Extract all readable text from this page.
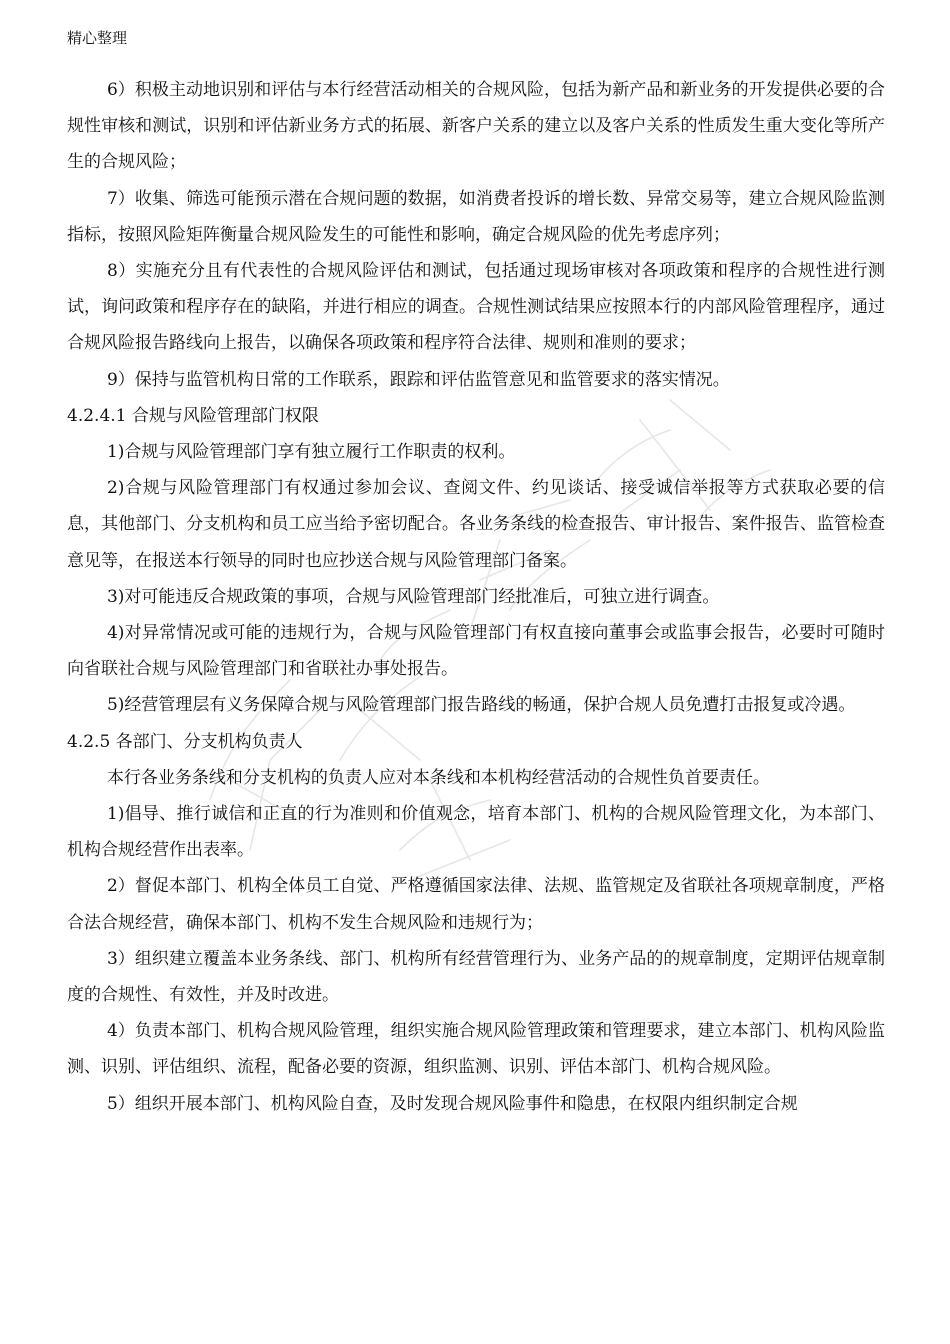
精心整理

6）积极主动地识别和评估与本行经营活动相关的合规风险，包括为新产品和新业务的开发提供必要的合规性审核和测试，识别和评估新业务方式的拓展、新客户关系的建立以及客户关系的性质发生重大变化等所产生的合规风险；

7）收集、筛选可能预示潜在合规问题的数据，如消费者投诉的增长数、异常交易等，建立合规风险监测指标，按照风险矩阵衡量合规风险发生的可能性和影响，确定合规风险的优先考虑序列；

8）实施充分且有代表性的合规风险评估和测试，包括通过现场审核对各项政策和程序的合规性进行测试，询问政策和程序存在的缺陷，并进行相应的调查。合规性测试结果应按照本行的内部风险管理程序，通过合规风险报告路线向上报告，以确保各项政策和程序符合法律、规则和准则的要求；

9）保持与监管机构日常的工作联系，跟踪和评估监管意见和监管要求的落实情况。

4.2.4.1 合规与风险管理部门权限

1)合规与风险管理部门享有独立履行工作职责的权利。

2)合规与风险管理部门有权通过参加会议、查阅文件、约见谈话、接受诚信举报等方式获取必要的信息，其他部门、分支机构和员工应当给予密切配合。各业务条线的检查报告、审计报告、案件报告、监管检查意见等，在报送本行领导的同时也应抄送合规与风险管理部门备案。

3)对可能违反合规政策的事项，合规与风险管理部门经批准后，可独立进行调查。

4)对异常情况或可能的违规行为，合规与风险管理部门有权直接向董事会或监事会报告，必要时可随时向省联社合规与风险管理部门和省联社办事处报告。

5)经营管理层有义务保障合规与风险管理部门报告路线的畅通，保护合规人员免遭打击报复或冷遇。

4.2.5 各部门、分支机构负责人

本行各业务条线和分支机构的负责人应对本条线和本机构经营活动的合规性负首要责任。

1)倡导、推行诚信和正直的行为准则和价值观念，培育本部门、机构的合规风险管理文化，为本部门、机构合规经营作出表率。

2）督促本部门、机构全体员工自觉、严格遵循国家法律、法规、监管规定及省联社各项规章制度，严格合法合规经营，确保本部门、机构不发生合规风险和违规行为；

3）组织建立覆盖本业务条线、部门、机构所有经营管理行为、业务产品的的规章制度，定期评估规章制度的合规性、有效性，并及时改进。

4）负责本部门、机构合规风险管理，组织实施合规风险管理政策和管理要求，建立本部门、机构风险监测、识别、评估组织、流程，配备必要的资源，组织监测、识别、评估本部门、机构合规风险。

5）组织开展本部门、机构风险自查，及时发现合规风险事件和隐患，在权限内组织制定合规
